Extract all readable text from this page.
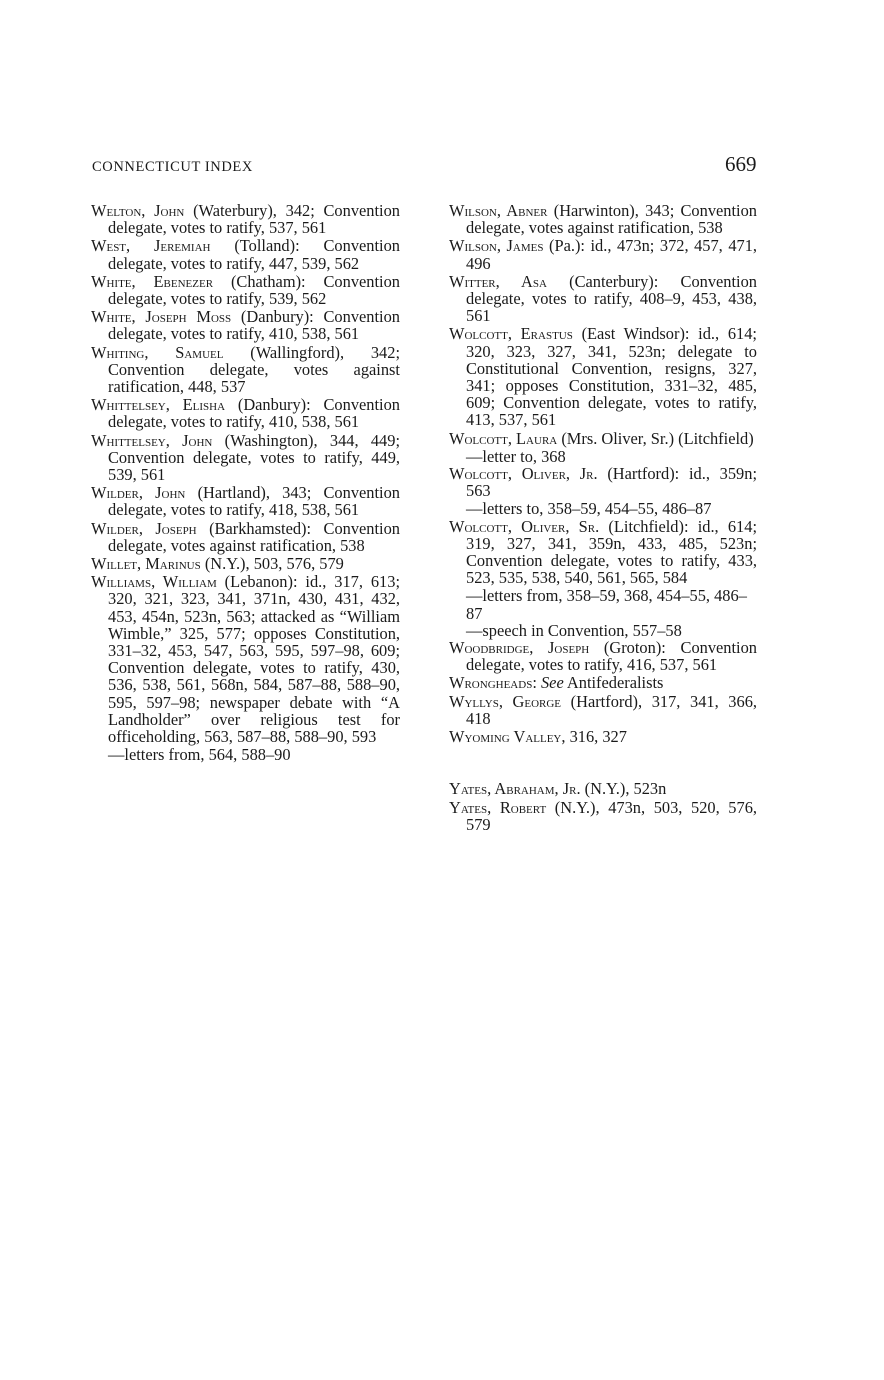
CONNECTICUT INDEX	669
Welton, John (Waterbury), 342; Convention delegate, votes to ratify, 537, 561
West, Jeremiah (Tolland): Convention delegate, votes to ratify, 447, 539, 562
White, Ebenezer (Chatham): Convention delegate, votes to ratify, 539, 562
White, Joseph Moss (Danbury): Convention delegate, votes to ratify, 410, 538, 561
Whiting, Samuel (Wallingford), 342; Convention delegate, votes against ratification, 448, 537
Whittelsey, Elisha (Danbury): Convention delegate, votes to ratify, 410, 538, 561
Whittelsey, John (Washington), 344, 449; Convention delegate, votes to ratify, 449, 539, 561
Wilder, John (Hartland), 343; Convention delegate, votes to ratify, 418, 538, 561
Wilder, Joseph (Barkhamsted): Convention delegate, votes against ratification, 538
Willet, Marinus (N.Y.), 503, 576, 579
Williams, William (Lebanon): id., 317, 613; 320, 321, 323, 341, 371n, 430, 431, 432, 453, 454n, 523n, 563; attacked as “William Wimble,” 325, 577; opposes Constitution, 331–32, 453, 547, 563, 595, 597–98, 609; Convention delegate, votes to ratify, 430, 536, 538, 561, 568n, 584, 587–88, 588–90, 595, 597–98; newspaper debate with “A Landholder” over religious test for officeholding, 563, 587–88, 588–90, 593
—letters from, 564, 588–90
Wilson, Abner (Harwinton), 343; Convention delegate, votes against ratification, 538
Wilson, James (Pa.): id., 473n; 372, 457, 471, 496
Witter, Asa (Canterbury): Convention delegate, votes to ratify, 408–9, 453, 438, 561
Wolcott, Erastus (East Windsor): id., 614; 320, 323, 327, 341, 523n; delegate to Constitutional Convention, resigns, 327, 341; opposes Constitution, 331–32, 485, 609; Convention delegate, votes to ratify, 413, 537, 561
Wolcott, Laura (Mrs. Oliver, Sr.) (Litchfield)
—letter to, 368
Wolcott, Oliver, Jr. (Hartford): id., 359n; 563
—letters to, 358–59, 454–55, 486–87
Wolcott, Oliver, Sr. (Litchfield): id., 614; 319, 327, 341, 359n, 433, 485, 523n; Convention delegate, votes to ratify, 433, 523, 535, 538, 540, 561, 565, 584
—letters from, 358–59, 368, 454–55, 486–87
—speech in Convention, 557–58
Woodbridge, Joseph (Groton): Convention delegate, votes to ratify, 416, 537, 561
Wrongheads: See Antifederalists
Wyllys, George (Hartford), 317, 341, 366, 418
Wyoming Valley, 316, 327
Yates, Abraham, Jr. (N.Y.), 523n
Yates, Robert (N.Y.), 473n, 503, 520, 576, 579
